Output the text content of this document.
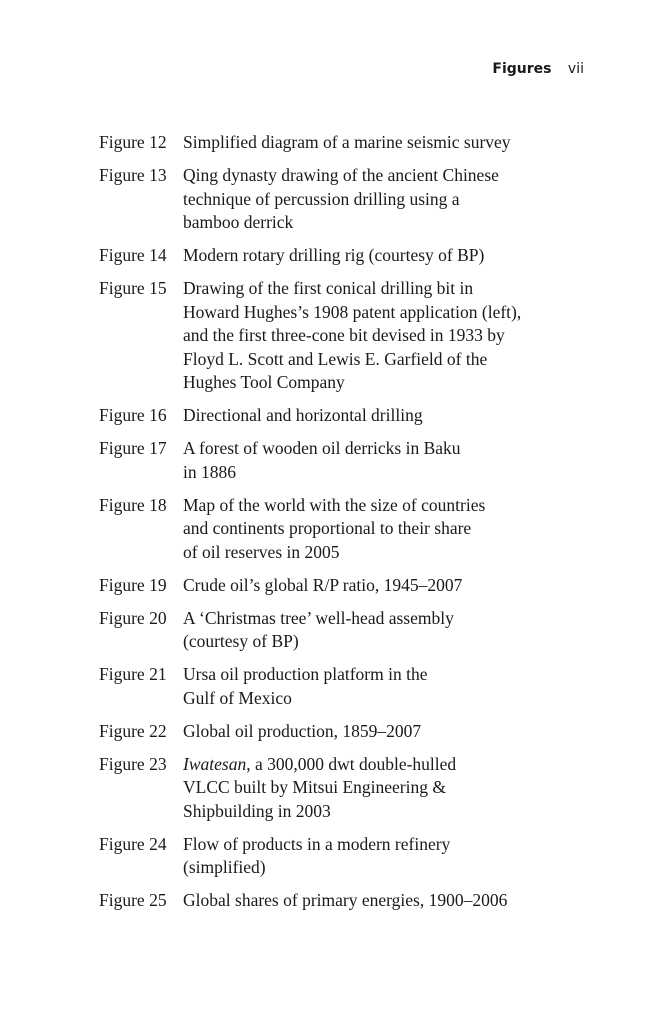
Figures vii
Figure 12 Simplified diagram of a marine seismic survey
Figure 13 Qing dynasty drawing of the ancient Chinese
technique of percussion drilling using a
bamboo derrick
Figure 14 Modern rotary drilling rig (courtesy of BP)
Figure 15 Drawing of the first conical drilling bit in
Howard Hughes’s 1908 patent application (left),
and the first three-cone bit devised in 1933 by
Floyd L. Scott and Lewis E. Garfield of the
Hughes Tool Company
Figure 16 Directional and horizontal drilling
Figure 17 A forest of wooden oil derricks in Baku
in 1886
Figure 18 Map of the world with the size of countries
and continents proportional to their share
of oil reserves in 2005
Figure 19 Crude oil’s global R/P ratio, 1945–2007
Figure 20 A ‘Christmas tree’ well-head assembly
(courtesy of BP)
Figure 21 Ursa oil production platform in the
Gulf of Mexico
Figure 22 Global oil production, 1859–2007
Figure 23 Iwatesan, a 300,000 dwt double-hulled
VLCC built by Mitsui Engineering &
Shipbuilding in 2003
Figure 24 Flow of products in a modern refinery
(simplified)
Figure 25 Global shares of primary energies, 1900–2006
